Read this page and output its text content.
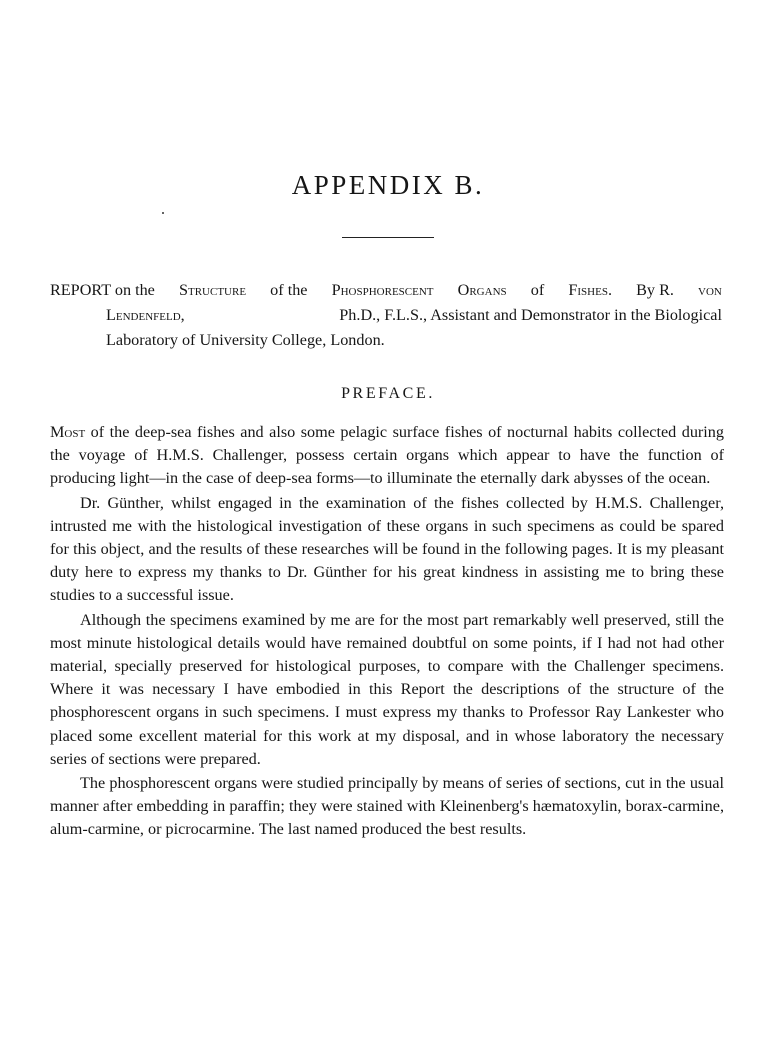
APPENDIX B.
REPORT on the Structure of the Phosphorescent Organs of Fishes. By R. von
Lendenfeld,	Ph.D., F.L.S., Assistant and Demonstrator in the Biological
Laboratory of University College, London.
PREFACE.

Most of the deep-sea fishes and also some pelagic surface fishes of nocturnal habits collected during the voyage of H.M.S. Challenger, possess certain organs which appear to have the function of producing light—in the case of deep-sea forms—to illuminate the eternally dark abysses of the ocean.

Dr. Günther, whilst engaged in the examination of the fishes collected by H.M.S. Challenger, intrusted me with the histological investigation of these organs in such specimens as could be spared for this object, and the results of these researches will be found in the following pages. It is my pleasant duty here to express my thanks to Dr. Günther for his great kindness in assisting me to bring these studies to a successful issue.

Although the specimens examined by me are for the most part remarkably well preserved, still the most minute histological details would have remained doubtful on some points, if I had not had other material, specially preserved for histological purposes, to compare with the Challenger specimens. Where it was necessary I have embodied in this Report the descriptions of the structure of the phosphorescent organs in such specimens. I must express my thanks to Professor Ray Lankester who placed some excellent material for this work at my disposal, and in whose laboratory the necessary series of sections were prepared.

The phosphorescent organs were studied principally by means of series of sections, cut in the usual manner after embedding in paraffin; they were stained with Kleinenberg's hæmatoxylin, borax-carmine, alum-carmine, or picrocarmine. The last named produced the best results.
